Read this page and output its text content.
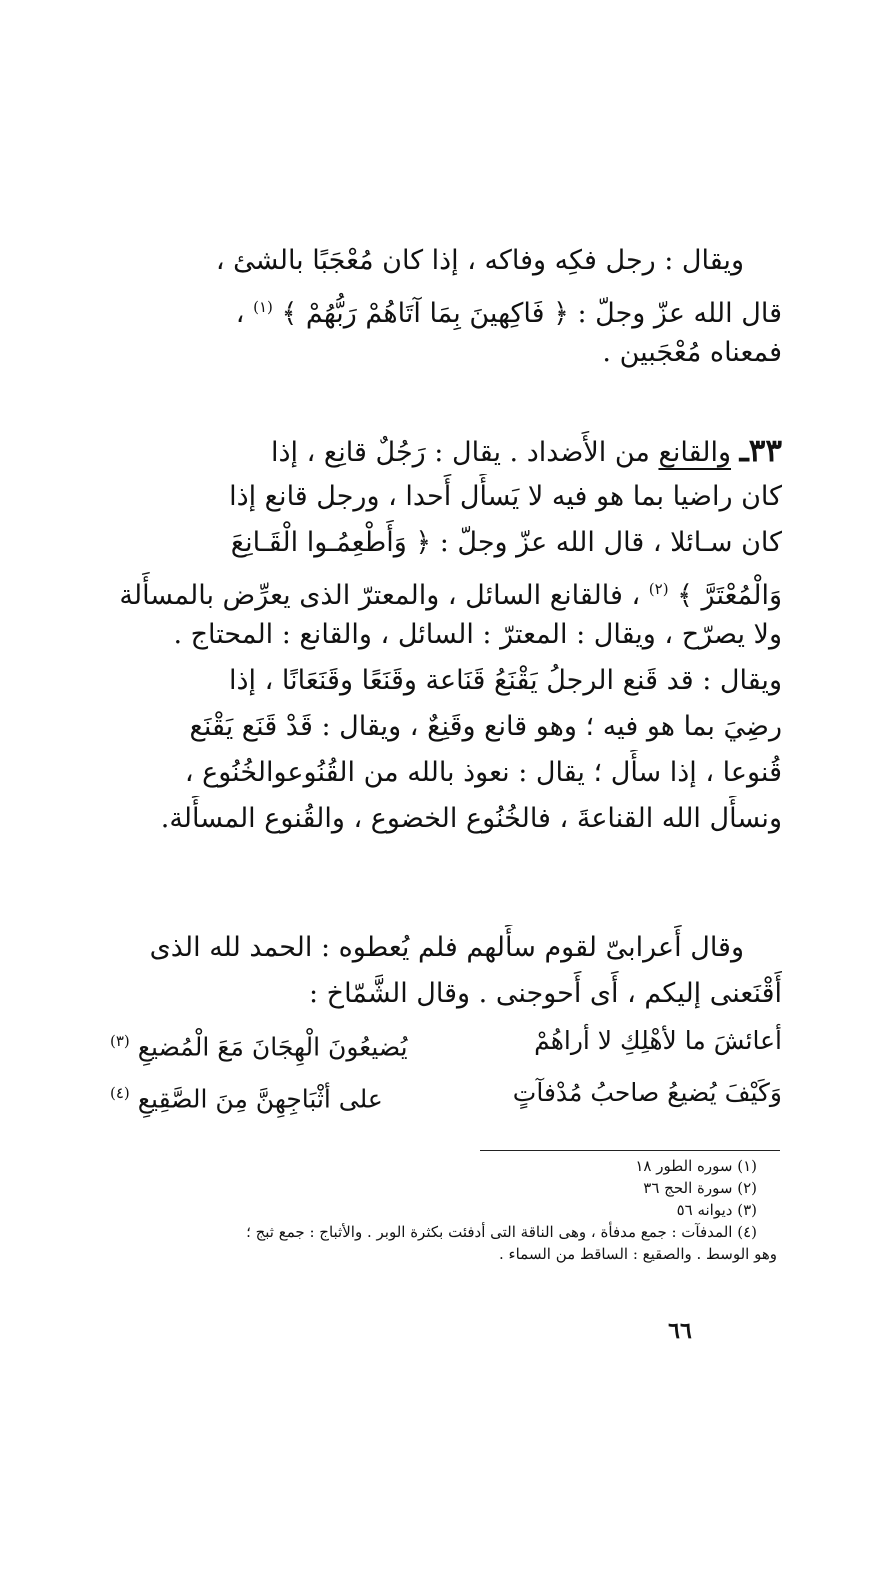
ويقال : رجل فكِه وفاكه ، إذا كان مُعْجَبًا بالشئ ،
قال الله عزّ وجلّ : ﴿ فَاكِهِينَ بِمَا آتَاهُمْ رَبُّهُمْ ﴾ $^{(١)}$ ،
فمعناه مُعْجَبين .
٣٣ـ والقانع من الأَضداد . يقال : رَجُلٌ قانِع ، إذا
كان راضيا بما هو فيه لا يَسأَل أَحدا ، ورجل قانع إذا
كان سـائلا ، قال الله عزّ وجلّ : ﴿ وَأَطْعِمُـوا الْقَـانِعَ
وَالْمُعْتَرَّ ﴾ $^{(٢)}$ ، فالقانع السائل ، والمعترّ الذى يعرِّض بالمسأَلة
ولا يصرّح ، ويقال : المعترّ : السائل ، والقانع : المحتاج .
ويقال : قد قَنع الرجلُ يَقْنَعُ قَنَاعة وقَنَعًا وقَنَعَانًا ، إذا
رضِيَ بما هو فيه ؛ وهو قانع وقَنِعٌ ، ويقال : قَدْ قَنَع يَقْنَع
قُنوعا ، إذا سأَل ؛ يقال : نعوذ بالله من القُنُوعوالخُنُوع ،
ونسأَل الله القناعةَ ، فالخُنُوع الخضوع ، والقُنوع المسأَلة.
وقال أَعرابىّ لقوم سأَلهم فلم يُعطوه : الحمد لله الذى
أَقْنَعنى إليكم ، أَى أَحوجنى . وقال الشَّمّاخ :
أعائشَ ما لأهْلِكِ لا أراهُمْ
يُضيعُونَ الْهِجَانَ مَعَ الْمُضيعِ $^{(٣)}$
وَكَيْفَ يُضيعُ صاحبُ مُدْفآتٍ
على أثْبَاجِهِنَّ مِنَ الصَّقِيعِ $^{(٤)}$
(١) سوره الطور ١٨
(٢) سورة الحج ٣٦
(٣) ديوانه ٥٦
(٤) المدفآت : جمع مدفأة ، وهى الناقة التى أدفئت بكثرة الوبر . والأثباج : جمع ثبج ؛
وهو الوسط . والصقيع : الساقط من السماء .
٦٦
